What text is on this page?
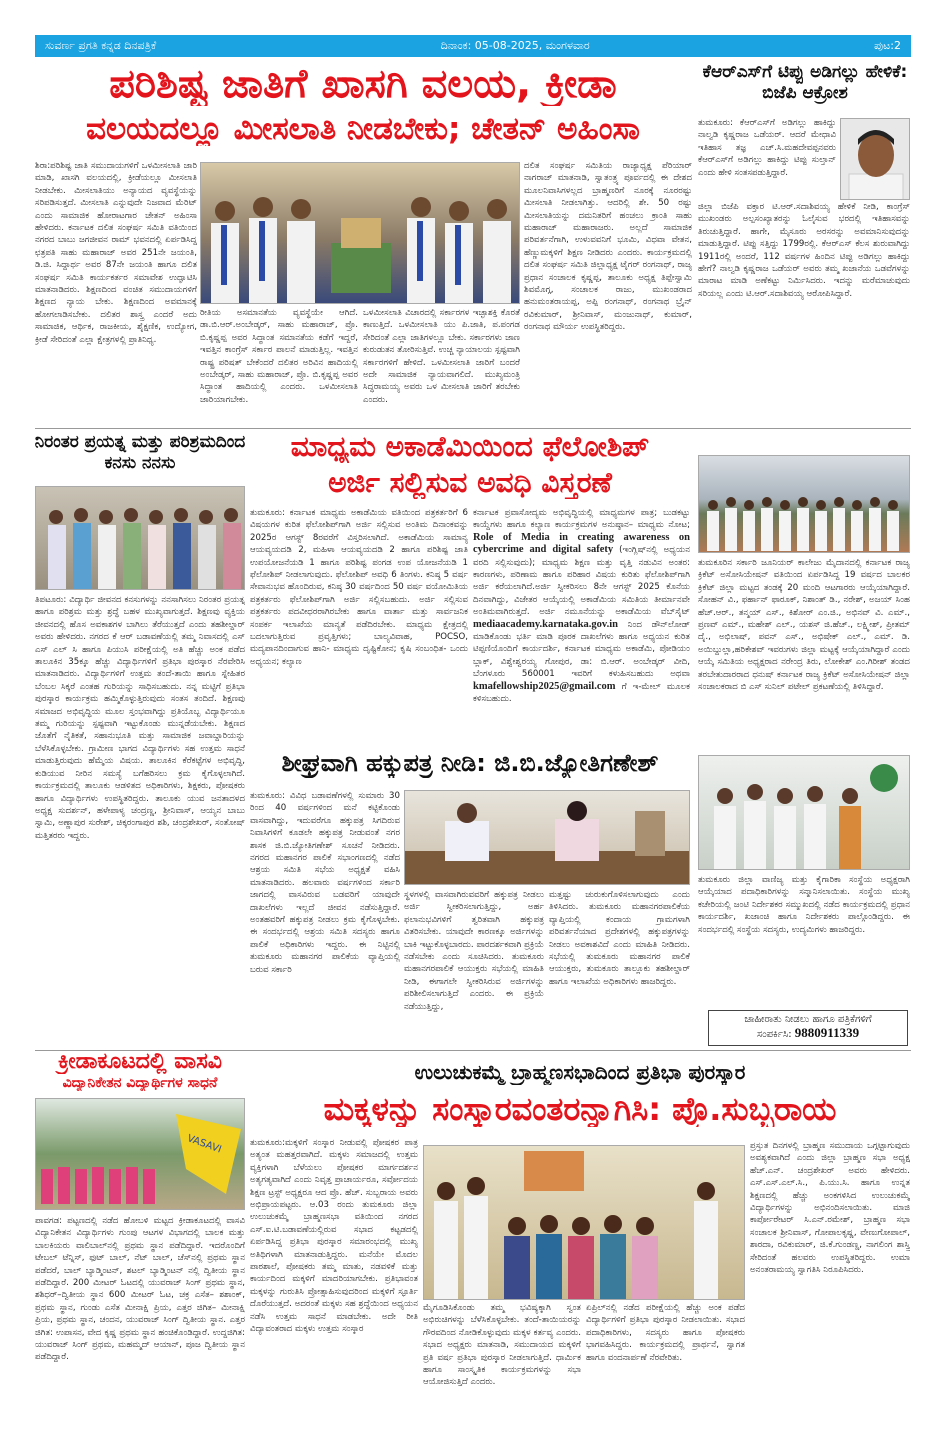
ಸುವರ್ಣ ಪ್ರಗತಿ ಕನ್ನಡ ದಿನಪತ್ರಿಕೆ	ದಿನಾಂಕ: 05-08-2025, ಮಂಗಳವಾರ	ಪುಟ:2
ಪರಿಶಿಷ್ಟ ಜಾತಿಗೆ ಖಾಸಗಿ ವಲಯ, ಕ್ರೀಡಾ
ವಲಯದಲ್ಲೂ ಮೀಸಲಾತಿ ನೀಡಬೇಕು; ಚೇತನ್ ಅಹಿಂಸಾ
ಶಿರಾ:ಪರಿಶಿಷ್ಟ ಜಾತಿ ಸಮುದಾಯಗಳಿಗೆ ಒಳಮೀಸಲಾತಿ ಜಾರಿ ಮಾಡಿ, ಖಾಸಗಿ ವಲಯದಲ್ಲಿ, ಕ್ರೀಡೆಯಲ್ಲೂ ಮೀಸಲಾತಿ ನೀಡಬೇಕು. ಮೀಸಲಾತಿಯು ಅನ್ಯಾಯದ ವ್ಯವಸ್ಥೆಯನ್ನು ಸರಿಪಡಿಸುತ್ತದೆ. ಮೀಸಲಾತಿ ಎನ್ನುವುದೇ ನಿಜವಾದ ಮೆರಿಟ್ ಎಂದು ಸಾಮಾಜಿಕ ಹೋರಾಟಗಾರ ಚೇತನ್ ಅಹಿಂಸಾ ಹೇಳಿದರು. ಕರ್ನಾಟಕ ದಲಿತ ಸಂಘರ್ಷ ಸಮಿತಿ ವತಿಯಿಂದ ನಗರದ ಬಾಬು ಜಗಜೀವನ ರಾಮ್ ಭವನದಲ್ಲಿ ಏರ್ಪಡಿಸಿದ್ದ ಛತ್ರಪತಿ ಸಾಹು ಮಹಾರಾಜ್ ಅವರ 251ನೇ ಜಯಂತಿ, ಡಿ.ಜಿ. ಸಿದ್ದಾರ್ಥ ಅವರ 87ನೇ ಜಯಂತಿ ಹಾಗೂ ದಲಿತ ಸಂಘರ್ಷ ಸಮಿತಿ ಕಾರ್ಯಕರ್ತರ ಸಮಾವೇಶ ಉದ್ಘಾಟಿಸಿ ಮಾತನಾಡಿದರು. ಶಿಕ್ಷಣದಿಂದ ವಂಚಿತ ಸಮುದಾಯಗಳಿಗೆ ಶಿಕ್ಷಣದ ನ್ಯಾಯ ಬೇಕು. ಶಿಕ್ಷಣದಿಂದ ಅವಮಾನಕ್ಕೆ ಹೋಗಲಾಡಿಸಬೇಕು. ದಲಿತರ ಶಾಸ್ತ್ರ ಎಂದರೆ ಅದು ಸಾಮಾಜಿಕ, ಆರ್ಥಿಕ, ರಾಜಕೀಯ, ಶೈಕ್ಷಣಿಕ, ಉದ್ಯೋಗ, ಕ್ರೀಡೆ ಸೇರಿದಂತೆ ಎಲ್ಲಾ ಕ್ಷೇತ್ರಗಳಲ್ಲಿ ಪ್ರಾತಿನಿಧ್ಯ.
ರೀತಿಯ ಅಸಮಾನತೆಯ ವ್ಯವಸ್ಥೆಯೇ ಆಗಿದೆ. ಡಾ.ಬಿ.ಆರ್.ಅಂಬೇಡ್ಕರ್, ಸಾಹು ಮಹಾರಾಜ್, ಪ್ರೊ. ಬಿ.ಕೃಷ್ಣಪ್ಪ ಅವರ ಸಿದ್ಧಾಂತ ಸಮಾನತೆಯ ಕಡೆಗೆ ಇದ್ದರೆ, ಇವತ್ತಿನ ಕಾಂಗ್ರೆಸ್ ಸರ್ಕಾರ ಪಾಲನೆ ಮಾಡುತ್ತಿಲ್ಲ. ಇವತ್ತಿನ ರಾಷ್ಟ್ರ ಪರಿಷತ್ ಬೇಕೆಂದರೆ ದಲಿತರ ಅರಿವಿನ ಹಾದಿಯಲ್ಲಿ ಅಂಬೇಡ್ಕರ್, ಸಾಹು ಮಹಾರಾಜ್, ಪ್ರೊ. ಬಿ.ಕೃಷ್ಣಪ್ಪ ಅವರ ಸಿದ್ಧಾಂತ ಹಾದಿಯಲ್ಲಿ ಎಂದರು. ಒಳಮೀಸಲಾತಿ ಜಾರಿಯಾಗಬೇಕು.
ಒಳಮೀಸಲಾತಿ ವಿಚಾರದಲ್ಲಿ ಸರ್ಕಾರಗಳ ಇಚ್ಛಾಶಕ್ತಿ ಕೊರತೆ ಕಾಣುತ್ತಿದೆ. ಒಳಮೀಸಲಾತಿ ಯು ಪಿ.ಜಾತಿ, ಪ.ಪಂಗಡ ಸೇರಿದಂತೆ ಎಲ್ಲಾ ಜಾತಿಗಳಲ್ಲೂ ಬೇಕು. ಸರ್ಕಾರಗಳು ಜಾಣ ಕುರುಡುತನ ತೋರಿಸುತ್ತಿವೆ. ಉಚ್ಚ ನ್ಯಾಯಾಲಯ ಸ್ಪಷ್ಟವಾಗಿ ಸರ್ಕಾರಗಳಿಗೆ ಹೇಳಿದೆ. ಒಳಮೀಸಲಾತಿ ಜಾರಿಗೆ ಬಂದರೆ ಅದೇ ಸಾಮಾಜಿಕ ನ್ಯಾಯವಾಗಲಿದೆ. ಮುಖ್ಯಮಂತ್ರಿ ಸಿದ್ಧರಾಮಯ್ಯ ಅವರು ಒಳ ಮೀಸಲಾತಿ ಜಾರಿಗೆ ತರಬೇಕು ಎಂದರು.
ದಲಿತ ಸಂಘರ್ಷ ಸಮಿತಿಯ ರಾಜ್ಯಾಧ್ಯಕ್ಷ ಪೆರಿಯಾರ್ ನಾಗರಾಜ್ ಮಾತನಾಡಿ, ಸ್ವಾತಂತ್ರ್ಯ ಪೂರ್ವದಲ್ಲಿ ಈ ದೇಶದ ಮೂಲನಿವಾಸಿಗಳಲ್ಲದ ಬ್ರಾಹ್ಮಣರಿಗೆ ನೂರಕ್ಕೆ ನೂರರಷ್ಟು ಮೀಸಲಾತಿ ನೀಡಲಾಗಿತ್ತು. ಆದರಿಲ್ಲಿ ಶೇ. 50 ರಷ್ಟು ಮೀಸಲಾತಿಯನ್ನು ದಮನಿತರಿಗೆ ಹಂಚಲು ಕ್ರಾಂತಿ ಸಾಹು ಮಹಾರಾಜ್ ಮಹಾರಾಜರು. ಅಲ್ಲದೆ ಸಾಮಾಜಿಕ ಪರಿವರ್ತನೆಗಾಗಿ, ಉಳುವವನಿಗೆ ಭೂಮಿ, ವಿಧವಾ ವೇತನ, ಹೆಣ್ಣುಮಕ್ಕಳಿಗೆ ಶಿಕ್ಷಣ ನೀಡಿದರು ಎಂದರು. ಕಾರ್ಯಕ್ರಮದಲ್ಲಿ ದಲಿತ ಸಂಘರ್ಷ ಸಮಿತಿ ಜಿಲ್ಲಾಧ್ಯಕ್ಷ ಟೈಗರ್ ರಂಗನಾಥ್, ರಾಜ್ಯ ಪ್ರಧಾನ ಸಂಚಾಲಕ ಕೃಷ್ಣಪ್ಪ, ತಾಲೂಕು ಅಧ್ಯಕ್ಷ ತಿಪ್ಪೇಸ್ವಾಮಿ ಶಿವಮೊಗ್ಗ, ಸಂಚಾಲಕ ರಾಜು, ಮುಖಂಡರಾದ ಹನುಮಂತರಾಯಪ್ಪ, ಅಪ್ಪಿ ರಂಗನಾಥ್, ರಂಗನಾಥ ಬ್ರೈನ್ ರವಿಕುಮಾರ್, ಶ್ರೀನಿವಾಸ್, ಮಂಜುನಾಥ್, ಕುಮಾರ್, ರಂಗನಾಥ ಮೌರ್ಯ ಉಪಸ್ಥಿತರಿದ್ದರು.
ಕೆಆರ್‌ಎಸ್‌ಗೆ ಟಿಪ್ಪು ಅಡಿಗಲ್ಲು ಹೇಳಿಕೆ: ಬಿಜೆಪಿ ಆಕ್ರೋಶ
ತುಮಕೂರು: ಕೆಆರ್‌ಎಸ್‌ಗೆ ಅಡಿಗಲ್ಲು ಹಾಕಿದ್ದು ನಾಲ್ವಡಿ ಕೃಷ್ಣರಾಜ ಒಡೆಯರ್. ಆದರೆ ಮೇಧಾವಿ ಇತಿಹಾಸ ತಜ್ಞ ಎಚ್.ಸಿ.ಮಹದೇವಪ್ಪನವರು ಕೆಆರ್‌ಎಸ್‌ಗೆ ಅಡಿಗಲ್ಲು ಹಾಕಿದ್ದು ಟಿಪ್ಪು ಸುಲ್ತಾನ್ ಎಂದು ಹೇಳಿ ಸಂತಸಪಡುತ್ತಿದ್ದಾರೆ.
ಜಿಲ್ಲಾ ಬಿಜೆಪಿ ವಕ್ತಾರ ಟಿ.ಆರ್.ಸದಾಶಿವಯ್ಯ ಹೇಳಿಕೆ ನೀಡಿ, ಕಾಂಗ್ರೆಸ್ ಮುಖಂಡರು ಅಲ್ಪಸಂಖ್ಯಾತರನ್ನು ಓಲೈಸುವ ಭರದಲ್ಲಿ ಇತಿಹಾಸವನ್ನು ತಿರುಚುತ್ತಿದ್ದಾರೆ. ಹಾಗೇ, ಮೈಸೂರು ಅರಸರನ್ನು ಅವಮಾನಿಸುವುದನ್ನು ಮಾಡುತ್ತಿದ್ದಾರೆ. ಟಿಪ್ಪು ಸತ್ತಿದ್ದು 1799ರಲ್ಲಿ. ಕೆಆರ್‌ಎಸ್ ಕೆಲಸ ಶುರುವಾಗಿದ್ದು 1911ರಲ್ಲಿ ಅಂದರೆ, 112 ವರ್ಷಗಳ ಹಿಂದಿನ ಟಿಪ್ಪು ಅಡಿಗಲ್ಲು ಹಾಕಿದ್ದು ಹೇಗೆ? ನಾಲ್ವಡಿ ಕೃಷ್ಣರಾಜ ಒಡೆಯರ್ ಅವರು ತಮ್ಮ ಖಜಾನೆಯ ಒಡವೆಗಳನ್ನು ಮಾರಾಟ ಮಾಡಿ ಅಣೆಕಟ್ಟು ನಿರ್ಮಿಸಿದರು. ಇದನ್ನು ಮರೆಮಾಚುವುದು ಸರಿಯಲ್ಲ ಎಂದು ಟಿ.ಆರ್.ಸದಾಶಿವಯ್ಯ ಆರೋಪಿಸಿದ್ದಾರೆ.
ನಿರಂತರ ಪ್ರಯತ್ನ ಮತ್ತು ಪರಿಶ್ರಮದಿಂದ ಕನಸು ನನಸು
ತಿಪಟೂರು: ವಿದ್ಯಾರ್ಥಿ ಜೀವನದ ಕನಸುಗಳನ್ನು ನನಸಾಗಿಸಲು ನಿರಂತರ ಪ್ರಯತ್ನ ಹಾಗೂ ಪರಿಶ್ರಮ ಮತ್ತು ಶ್ರದ್ಧೆ ಬಹಳ ಮುಖ್ಯವಾಗುತ್ತದೆ. ಶಿಕ್ಷಣವು ವ್ಯಕ್ತಿಯ ಜೀವನದಲ್ಲಿ ಹೊಸ ಅವಕಾಶಗಳ ಬಾಗಿಲು ತೆರೆಯುತ್ತದೆ ಎಂದು ತಹಶೀಲ್ದಾರ್ ಅವರು ಹೇಳಿದರು. ನಗರದ ಕೆ ಆರ್ ಬಡಾವಣೆಯಲ್ಲಿ ತಮ್ಮ ನಿವಾಸದಲ್ಲಿ ಎಸ್ ಎಸ್ ಎಲ್ ಸಿ ಹಾಗೂ ಪಿಯುಸಿ ಪರೀಕ್ಷೆಯಲ್ಲಿ ಅತಿ ಹೆಚ್ಚು ಅಂಕ ಪಡೆದ ತಾಲೂಕಿನ 35ಕ್ಕೂ ಹೆಚ್ಚು ವಿದ್ಯಾರ್ಥಿಗಳಿಗೆ ಪ್ರತಿಭಾ ಪುರಸ್ಕಾರ ನೆರವೇರಿಸಿ ಮಾತನಾಡಿದರು. ವಿದ್ಯಾರ್ಥಿಗಳಿಗೆ ಉತ್ತಮ ತಂದೆ-ತಾಯಿ ಹಾಗೂ ಸ್ನೇಹಿತರ ಬೆಂಬಲ ಸಿಕ್ಕರೆ ಎಂತಹ ಗುರಿಯನ್ನು ಸಾಧಿಸಬಹುದು. ನನ್ನ ಮಟ್ಟಿಗೆ ಪ್ರತಿಭಾ ಪುರಸ್ಕಾರ ಕಾರ್ಯಕ್ರಮ ಹಮ್ಮಿಕೊಳ್ಳುತ್ತಿರುವುದು ಸಂತಸ ತಂದಿದೆ. ಶಿಕ್ಷಣವು ಸಮಾಜದ ಅಭಿವೃದ್ಧಿಯ ಮೂಲ ಸ್ತಂಭವಾಗಿದ್ದು ಪ್ರತಿಯೊಬ್ಬ ವಿದ್ಯಾರ್ಥಿಯೂ ತಮ್ಮ ಗುರಿಯನ್ನು ಸ್ಪಷ್ಟವಾಗಿ ಇಟ್ಟುಕೊಂಡು ಮುನ್ನಡೆಯಬೇಕು. ಶಿಕ್ಷಣದ ಜೊತೆಗೆ ನೈತಿಕತೆ, ಸಹಾನುಭೂತಿ ಮತ್ತು ಸಾಮಾಜಿಕ ಜವಾಬ್ದಾರಿಯನ್ನು ಬೆಳೆಸಿಕೊಳ್ಳಬೇಕು. ಗ್ರಾಮೀಣ ಭಾಗದ ವಿದ್ಯಾರ್ಥಿಗಳು ಸಹ ಉತ್ತಮ ಸಾಧನೆ ಮಾಡುತ್ತಿರುವುದು ಹೆಮ್ಮೆಯ ವಿಷಯ. ತಾಲೂಕಿನ ಕೆರೆಕಟ್ಟೆಗಳ ಅಭಿವೃದ್ಧಿ, ಕುಡಿಯುವ ನೀರಿನ ಸಮಸ್ಯೆ ಬಗೆಹರಿಸಲು ಕ್ರಮ ಕೈಗೊಳ್ಳಲಾಗಿದೆ. ಕಾರ್ಯಕ್ರಮದಲ್ಲಿ ತಾಲೂಕು ಆಡಳಿತದ ಅಧಿಕಾರಿಗಳು, ಶಿಕ್ಷಕರು, ಪೋಷಕರು ಹಾಗೂ ವಿದ್ಯಾರ್ಥಿಗಳು ಉಪಸ್ಥಿತರಿದ್ದರು. ತಾಲೂಕು ಯುವ ಜನತಾದಳದ ಅಧ್ಯಕ್ಷ ಸುದರ್ಶನ್, ಹಳೇಪಾಳ್ಯ ಚಂದ್ರಣ್ಣ, ಶ್ರೀನಿವಾಸ್, ಆಯ್ಯನ ಬಾಬು ಸ್ವಾಮಿ, ಅಣ್ಣಾಪುರ ಸುರೇಶ್, ಚಿಕ್ಕರಂಗಾಪುರ ಶಶಿ, ಚಂದ್ರಶೇಖರ್, ಸಂತೋಷ್ ಮತ್ತಿತರರು ಇದ್ದರು.
ಮಾಧ್ಯಮ ಅಕಾಡೆಮಿಯಿಂದ ಫೆಲೋಶಿಪ್
ಅರ್ಜಿ ಸಲ್ಲಿಸುವ ಅವಧಿ ವಿಸ್ತರಣೆ
ತುಮಕೂರು: ಕರ್ನಾಟಕ ಮಾಧ್ಯಮ ಅಕಾಡೆಮಿಯ ವತಿಯಿಂದ ಪತ್ರಕರ್ತರಿಗೆ 6 ವಿಷಯಗಳ ಕುರಿತ ಫೆಲೋಶಿಪ್‌ಗಾಗಿ ಅರ್ಜಿ ಸಲ್ಲಿಸುವ ಅಂತಿಮ ದಿನಾಂಕವನ್ನು 2025ರ ಆಗಸ್ಟ್ 8ರವರೆಗೆ ವಿಸ್ತರಿಸಲಾಗಿದೆ. ಅಕಾಡೆಮಿಯ ಸಾಮಾನ್ಯ ಆಯವ್ಯಯದಡಿ 2, ಮಹಿಳಾ ಆಯವ್ಯಯದಡಿ 2 ಹಾಗೂ ಪರಿಶಿಷ್ಟ ಜಾತಿ ಉಪಯೋಜನೆಯಡಿ 1 ಹಾಗೂ ಪರಿಶಿಷ್ಟ ಪಂಗಡ ಉಪ ಯೋಜನೆಯಡಿ 1 ಫೆಲೋಶಿಪ್ ನೀಡಲಾಗುವುದು. ಫೆಲೋಶಿಪ್ ಅವಧಿ 6 ತಿಂಗಳು. ಕನಿಷ್ಠ 5 ವರ್ಷ ಸೇವಾನುಭವ ಹೊಂದಿರುವ, ಕನಿಷ್ಠ 30 ವರ್ಷದಿಂದ 50 ವರ್ಷ ವಯೋಮಿತಿಯ ಪತ್ರಕರ್ತರು ಫೆಲೋಶಿಪ್‌ಗಾಗಿ ಅರ್ಜಿ ಸಲ್ಲಿಸಬಹುದು. ಅರ್ಜಿ ಸಲ್ಲಿಸುವ ಪತ್ರಕರ್ತರು ಪದವೀಧರರಾಗಿರಬೇಕು ಹಾಗೂ ವಾರ್ತಾ ಮತ್ತು ಸಾರ್ವಜನಿಕ ಸಂಪರ್ಕ ಇಲಾಖೆಯ ಮಾನ್ಯತೆ ಪಡೆದಿರಬೇಕು. ಮಾಧ್ಯಮ ಕ್ಷೇತ್ರದಲ್ಲಿ ಬದಲಾಗುತ್ತಿರುವ ಪ್ರವೃತ್ತಿಗಳು; ಬಾಲ್ಯವಿವಾಹ, POCSO, ಮದ್ಯಪಾನದಿಂದಾಗುವ ಹಾನಿ- ಮಾಧ್ಯಮ ದೃಷ್ಟಿಕೋನ; ಕೃಷಿ ಸಂಬಂಧಿತ- ಒಂದು ಅಧ್ಯಯನ; ಕಲ್ಯಾಣ
ಕರ್ನಾಟಕ ಪ್ರವಾಸೋದ್ಯಮ ಅಭಿವೃದ್ಧಿಯಲ್ಲಿ ಮಾಧ್ಯಮಗಳ ಪಾತ್ರ; ಬುಡಕಟ್ಟು ಕಾಯ್ದೆಗಳು ಹಾಗೂ ಕಲ್ಯಾಣ ಕಾರ್ಯಕ್ರಮಗಳ ಅನುಷ್ಠಾನ– ಮಾಧ್ಯಮ ನೋಟ; Role of Media in creating awareness on cybercrime and digital safety (ಇಂಗ್ಲಿಷ್‌ನಲ್ಲಿ ಅಧ್ಯಯನ ವರದಿ ಸಲ್ಲಿಸುವುದು); ಮಾಧ್ಯಮ ಶಿಕ್ಷಣ ಮತ್ತು ವೃತ್ತಿ ನಡುವಿನ ಅಂತರ: ಕಾರಣಗಳು, ಪರಿಣಾಮ ಹಾಗೂ ಪರಿಹಾರ ವಿಷಯ ಕುರಿತು ಫೆಲೋಶಿಪ್‌ಗಾಗಿ ಅರ್ಜಿ ಕರೆಯಲಾಗಿದೆ.ಅರ್ಜಿ ಸ್ವೀಕರಿಸಲು 8ನೇ ಆಗಸ್ಟ್ 2025 ಕೊನೆಯ ದಿನವಾಗಿದ್ದು, ವಿಜೇತರ ಆಯ್ಕೆಯಲ್ಲಿ ಅಕಾಡೆಮಿಯ ಸಮಿತಿಯ ತೀರ್ಮಾನವೇ ಅಂತಿಮವಾಗಿರುತ್ತದೆ. ಅರ್ಜಿ ನಮೂನೆಯನ್ನು ಅಕಾಡೆಮಿಯ ವೆಬ್‌ಸೈಟ್ mediaacademy.karnataka.gov.in ನಿಂದ ಡೌನ್‌ಲೋಡ್ ಮಾಡಿಕೊಂಡು ಭರ್ತಿ ಮಾಡಿ ಪೂರಕ ದಾಖಲೆಗಳು ಹಾಗೂ ಅಧ್ಯಯನ ಕುರಿತ ಟಿಪ್ಪಣಿಯೊಂದಿಗೆ ಕಾರ್ಯದರ್ಶಿ, ಕರ್ನಾಟಕ ಮಾಧ್ಯಮ ಅಕಾಡೆಮಿ, ಪೋಡಿಯಂ ಬ್ಲಾಕ್, ವಿಶ್ವೇಶ್ವರಯ್ಯ ಗೋಪುರ, ಡಾ: ಬಿ.ಆರ್. ಅಂಬೇಡ್ಕರ್ ವೀದಿ, ಬೆಂಗಳೂರು 560001 ಇವರಿಗೆ ಕಳುಹಿಸಬಹುದು ಅಥವಾ kmafellowship2025@gmail.com ಗೆ ಇ-ಮೇಲ್ ಮೂಲಕ ಕಳಿಸಬಹುದು.
ತುಮಕೂರಿನ ಸರ್ಕಾರಿ ಜೂನಿಯರ್ ಕಾಲೇಜು ಮೈದಾನದಲ್ಲಿ ಕರ್ನಾಟಕ ರಾಜ್ಯ ಕ್ರಿಕೆಟ್ ಅಸೋಸಿಯೇಷನ್ ವತಿಯಿಂದ ಏರ್ಪಡಿಸಿದ್ದ 19 ವರ್ಷದ ಬಾಲಕರ ಕ್ರಿಕೆಟ್ ಜಿಲ್ಲಾ ಮಟ್ಟದ ತಂಡಕ್ಕೆ 20 ಮಂದಿ ಆಟಗಾರರು ಆಯ್ಕೆಯಾಗಿದ್ದಾರೆ. ಸೋಹನ್ ವಿ., ಫರ್ಹಾನ್ ಫಾರೂಕ್, ನಿಶಾಂತ್ ಡಿ., ನರೇಶ್, ಅಜಯ್ ಸಿಂಹ ಹೆಚ್.ಆರ್., ತನ್ಮಯ್ ಎಸ್., ಕಿಶೋರ್ ಎಂ.ಜಿ., ಅಭಿನವ್ ವಿ. ಎಮ್., ಪ್ರಣವ್ ಎಮ್., ಮಹೇಶ್ ಎಲ್., ಯಶಸ್ ಜಿ.ಹೆಚ್., ಲಕ್ಷ್ಮೀಶ್, ಪ್ರೀತಮ್ ದೈ., ಅಭಿಲಾಷ್, ಪವನ್ ಎಸ್., ಅಭಿಷೇಕ್ ಎಲ್., ಎಮ್. ಡಿ. ಅಯಿಬ್ದುಲ್ಲಾ,ಹರಿಕೇಶವ್ ಇವರುಗಳು ಜಿಲ್ಲಾ ಮಟ್ಟಕ್ಕೆ ಆಯ್ಕೆಯಾಗಿದ್ದಾರೆ ಎಂದು ಆಯ್ಕೆ ಸಮಿತಿಯ ಅಧ್ಯಕ್ಷರಾದ ನರೇಂದ್ರ ತಿರು, ಲೋಕೇಶ್ ಎಂ.ಗಿರೀಶ್ ತಂಡದ ತರಬೇತುದಾರರಾದ ಧನುಷ್ ಕರ್ನಾಟಕ ರಾಜ್ಯ ಕ್ರಿಕೆಟ್ ಅಸೋಸಿಯೇಷನ್ ಜಿಲ್ಲಾ ಸಂಚಾಲಕರಾದ ಬಿ ಎಸ್ ಸುನಿಲ್ ಪಟೇಲ್ ಪ್ರಕಟಣೆಯಲ್ಲಿ ತಿಳಿಸಿದ್ದಾರೆ.
ಶೀಘ್ರವಾಗಿ ಹಕ್ಕುಪತ್ರ ನೀಡಿ: ಜಿ.ಬಿ.ಜ್ಯೋತಿಗಣೇಶ್
ತುಮಕೂರು: ವಿವಿಧ ಬಡಾವಣೆಗಳಲ್ಲಿ ಸುಮಾರು 30 ರಿಂದ 40 ವರ್ಷಗಳಿಂದ ಮನೆ ಕಟ್ಟಿಕೊಂಡು ವಾಸವಾಗಿದ್ದು, ಇದುವರೆಗೂ ಹಕ್ಕುಪತ್ರ ಸಿಗದಿರುವ ನಿವಾಸಿಗಳಿಗೆ ಕೂಡಲೇ ಹಕ್ಕುಪತ್ರ ನೀಡುವಂತೆ ನಗರ ಶಾಸಕ ಜಿ.ಬಿ.ಜ್ಯೋತಿಗಣೇಶ್ ಸೂಚನೆ ನೀಡಿದರು. ನಗರದ ಮಹಾನಗರ ಪಾಲಿಕೆ ಸಭಾಂಗಣದಲ್ಲಿ ನಡೆದ ಆಶ್ರಯ ಸಮಿತಿ ಸಭೆಯ ಅಧ್ಯಕ್ಷತೆ ವಹಿಸಿ ಮಾತನಾಡಿದರು. ಹಲವಾರು ವರ್ಷಗಳಿಂದ ಸರ್ಕಾರಿ ಜಾಗದಲ್ಲಿ ವಾಸವಿರುವ ಬಡವರಿಗೆ ಯಾವುದೇ ದಾಖಲೆಗಳು ಇಲ್ಲದೆ ಜೀವನ ನಡೆಸುತ್ತಿದ್ದಾರೆ. ಅಂತಹವರಿಗೆ ಹಕ್ಕುಪತ್ರ ನೀಡಲು ಕ್ರಮ ಕೈಗೊಳ್ಳಬೇಕು. ಈ ಸಂದರ್ಭದಲ್ಲಿ ಆಶ್ರಯ ಸಮಿತಿ ಸದಸ್ಯರು ಹಾಗೂ ಪಾಲಿಕೆ ಅಧಿಕಾರಿಗಳು ಇದ್ದರು. ಈ ನಿಟ್ಟಿನಲ್ಲಿ ತುಮಕೂರು ಮಹಾನಗರ ಪಾಲಿಕೆಯ ವ್ಯಾಪ್ತಿಯಲ್ಲಿ ಬರುವ ಸರ್ಕಾರಿ
ಸ್ಥಳಗಳಲ್ಲಿ ವಾಸವಾಗಿರುವವರಿಗೆ ಹಕ್ಕುಪತ್ರ ನೀಡಲು ಅರ್ಜಿ ಸ್ವೀಕರಿಸಲಾಗುತ್ತಿದ್ದು, ಅರ್ಹ ಫಲಾನುಭವಿಗಳಿಗೆ ತ್ವರಿತವಾಗಿ ಹಕ್ಕುಪತ್ರ ವಿತರಿಸಬೇಕು. ಯಾವುದೇ ಕಾರಣಕ್ಕೂ ಅರ್ಜಿಗಳನ್ನು ಬಾಕಿ ಇಟ್ಟುಕೊಳ್ಳಬಾರದು. ಪಾರದರ್ಶಕವಾಗಿ ಪ್ರಕ್ರಿಯೆ ನಡೆಸಬೇಕು ಎಂದು ಸೂಚಿಸಿದರು. ತುಮಕೂರು ಮಹಾನಗರಪಾಲಿಕೆ ಆಯುಕ್ತರು ಸಭೆಯಲ್ಲಿ ಮಾಹಿತಿ ನೀಡಿ, ಈಗಾಗಲೇ ಸ್ವೀಕರಿಸಿರುವ ಅರ್ಜಿಗಳನ್ನು ಪರಿಶೀಲಿಸಲಾಗುತ್ತಿದೆ ಎಂದರು. ಈ ಪ್ರಕ್ರಿಯೆ ನಡೆಯುತ್ತಿದ್ದು,
ಮತ್ತಷ್ಟು ಚುರುಕುಗೊಳಿಸಲಾಗುವುದು ಎಂದು ತಿಳಿಸಿದರು. ತುಮಕೂರು ಮಹಾನಗರಪಾಲಿಕೆಯ ವ್ಯಾಪ್ತಿಯಲ್ಲಿ ಕಂದಾಯ ಗ್ರಾಮಗಳಾಗಿ ಪರಿವರ್ತನೆಯಾದ ಪ್ರದೇಶಗಳಲ್ಲಿ ಹಕ್ಕುಪತ್ರಗಳನ್ನು ನೀಡಲು ಅವಕಾಶವಿದೆ ಎಂದು ಮಾಹಿತಿ ನೀಡಿದರು. ಸಭೆಯಲ್ಲಿ ತುಮಕೂರು ಮಹಾನಗರ ಪಾಲಿಕೆ ಆಯುಕ್ತರು, ತುಮಕೂರು ತಾಲ್ಲೂಕು ತಹಶೀಲ್ದಾರ್ ಹಾಗೂ ಇಲಾಖೆಯ ಅಧಿಕಾರಿಗಳು ಹಾಜರಿದ್ದರು.
ತುಮಕೂರು ಜಿಲ್ಲಾ ವಾಣಿಜ್ಯ ಮತ್ತು ಕೈಗಾರಿಕಾ ಸಂಸ್ಥೆಯ ಅಧ್ಯಕ್ಷರಾಗಿ ಆಯ್ಕೆಯಾದ ಪದಾಧಿಕಾರಿಗಳನ್ನು ಸನ್ಮಾನಿಸಲಾಯಿತು. ಸಂಸ್ಥೆಯ ಮುಖ್ಯ ಕಚೇರಿಯಲ್ಲಿ ಜಂಟಿ ನಿರ್ದೇಶಕರ ಸಮ್ಮುಖದಲ್ಲಿ ನಡೆದ ಕಾರ್ಯಕ್ರಮದಲ್ಲಿ ಪ್ರಧಾನ ಕಾರ್ಯದರ್ಶಿ, ಖಜಾಂಚಿ ಹಾಗೂ ನಿರ್ದೇಶಕರು ಪಾಲ್ಗೊಂಡಿದ್ದರು. ಈ ಸಂದರ್ಭದಲ್ಲಿ ಸಂಸ್ಥೆಯ ಸದಸ್ಯರು, ಉದ್ಯಮಿಗಳು ಹಾಜರಿದ್ದರು.
ಜಾಹೀರಾತು ನೀಡಲು ಹಾಗೂ ಪತ್ರಿಕೆಗಳಿಗೆ
ಸಂಪರ್ಕಿಸಿ: 9880911339
ಕ್ರೀಡಾಕೂಟದಲ್ಲಿ ವಾಸವಿ
ವಿದ್ಯಾನಿಕೇತನ ವಿದ್ಯಾರ್ಥಿಗಳ ಸಾಧನೆ
VASAVI
ಪಾವಗಡ: ಪಟ್ಟಣದಲ್ಲಿ ನಡೆದ ಹೋಬಳಿ ಮಟ್ಟದ ಕ್ರೀಡಾಕೂಟದಲ್ಲಿ ವಾಸವಿ ವಿದ್ಯಾನಿಕೇತನ ವಿದ್ಯಾರ್ಥಿಗಳು ಗುಂಪು ಆಟಗಳ ವಿಭಾಗದಲ್ಲಿ ಬಾಲಕ ಮತ್ತು ಬಾಲಕಿಯರು ವಾಲಿಬಾಲ್‌ನಲ್ಲಿ ಪ್ರಥಮ ಸ್ಥಾನ ಪಡೆದಿದ್ದಾರೆ. ಇದರೊಂದಿಗೆ ಟೇಬಲ್ ಟೆನ್ನಿಸ್, ಫುಟ್ ಬಾಲ್, ನೆಟ್ ಬಾಲ್, ಚೆಸ್‌ನಲ್ಲಿ ಪ್ರಥಮ ಸ್ಥಾನ ಪಡೆದರೆ, ಬಾಲ್ ಬ್ಯಾಡ್ಮಿಂಟನ್, ಶಟಲ್ ಬ್ಯಾಡ್ಮಿಂಟನ್ ನಲ್ಲಿ ದ್ವಿತೀಯ ಸ್ಥಾನ ಪಡೆದಿದ್ದಾರೆ. 200 ಮೀಟರ್ ಓಟದಲ್ಲಿ ಯುವರಾಜ್ ಸಿಂಗ್ ಪ್ರಥಮ ಸ್ಥಾನ, ಶಶಿಧರ್–ದ್ವಿತೀಯ ಸ್ಥಾನ 600 ಮೀಟರ್ ಓಟ, ಚಕ್ರ ಎಸೆತ– ಶಶಾಂಕ್, ಪ್ರಥಮ ಸ್ಥಾನ, ಗುಂಡು ಎಸೆತ ಮೀನಾಕ್ಷಿ ಪ್ರಿಯ, ಎತ್ತರ ಜಿಗಿತ– ಮೀನಾಕ್ಷಿ ಪ್ರಿಯ, ಪ್ರಥಮ ಸ್ಥಾನ, ಚಂದನ, ಯುವರಾಜ್ ಸಿಂಗ್ ದ್ವಿತೀಯ ಸ್ಥಾನ. ಎತ್ತರ ಜಿಗಿತ: ಉಪಾಸನ, ವೇದ ಕೃಷ್ಣ ಪ್ರಥಮ ಸ್ಥಾನ ಹಂಚಿಕೊಂಡಿದ್ದಾರೆ. ಉದ್ದಜಿಗಿತ: ಯುವರಾಜ್ ಸಿಂಗ್ ಪ್ರಥಮ, ಮಹಮ್ಮದ್ ಆಯಾನ್, ಪೂಜ ದ್ವಿತೀಯ ಸ್ಥಾನ ಪಡೆದಿದ್ದಾರೆ.
ಉಲುಚುಕಮ್ಮೆ ಬ್ರಾಹ್ಮಣಸಭಾದಿಂದ ಪ್ರತಿಭಾ ಪುರಸ್ಕಾರ
ಮಕ್ಕಳನ್ನು ಸಂಸ್ಕಾರವಂತರನ್ನಾಗಿಸಿ: ಪ್ರೊ.ಸುಬ್ಬರಾಯ
ತುಮಕೂರು:ಮಕ್ಕಳಿಗೆ ಸಂಸ್ಕಾರ ನೀಡುವಲ್ಲಿ ಪೋಷಕರ ಪಾತ್ರ ಅತ್ಯಂತ ಮಹತ್ತರವಾಗಿದೆ. ಮಕ್ಕಳು ಸಮಾಜದಲ್ಲಿ ಉತ್ತಮ ವ್ಯಕ್ತಿಗಳಾಗಿ ಬೆಳೆಯಲು ಪೋಷಕರ ಮಾರ್ಗದರ್ಶನ ಅತ್ಯಗತ್ಯವಾಗಿದೆ ಎಂದು ನಿವೃತ್ತ ಪ್ರಾಚಾರ್ಯರೂ, ಸರ್ವೋದಯ ಶಿಕ್ಷಣ ಟ್ರಸ್ಟ್ ಅಧ್ಯಕ್ಷರೂ ಆದ ಪ್ರೊ. ಹೆಚ್. ಸುಬ್ಬರಾಯ ಅವರು ಅಭಿಪ್ರಾಯಪಟ್ಟರು. ಆ.03 ರಂದು ತುಮಕೂರು ಜಿಲ್ಲಾ ಉಲುಚುಕಮ್ಮೆ ಬ್ರಾಹ್ಮಣಸಭಾ ವತಿಯಿಂದ ನಗರದ ಎಸ್.ಐ.ಟಿ.ಬಡಾವಣೆಯಲ್ಲಿರುವ ಸಭಾದ ಕಟ್ಟಡದಲ್ಲಿ ಏರ್ಪಡಿಸಿದ್ದ ಪ್ರತಿಭಾ ಪುರಸ್ಕಾರ ಸಮಾರಂಭದಲ್ಲಿ ಮುಖ್ಯ ಅತಿಥಿಗಳಾಗಿ ಮಾತನಾಡುತ್ತಿದ್ದರು. ಮನೆಯೇ ಮೊದಲ ಪಾಠಶಾಲೆ, ಪೋಷಕರು ತಮ್ಮ ಮಾತು, ನಡವಳಿಕೆ ಮತ್ತು ಕಾರ್ಯದಿಂದ ಮಕ್ಕಳಿಗೆ ಮಾದರಿಯಾಗಬೇಕು. ಪ್ರತಿಭಾವಂತ ಮಕ್ಕಳನ್ನು ಗುರುತಿಸಿ ಪ್ರೋತ್ಸಾಹಿಸುವುದರಿಂದ ಮಕ್ಕಳಿಗೆ ಸ್ಫೂರ್ತಿ ದೊರೆಯುತ್ತದೆ. ಅದರಂತೆ ಮಕ್ಕಳು ಸಹ ಶ್ರದ್ಧೆಯಿಂದ ಅಧ್ಯಯನ ನಡೆಸಿ ಉತ್ತಮ ಸಾಧನೆ ಮಾಡಬೇಕು. ಅದೇ ರೀತಿ ವಿದ್ಯಾವಂತರಾದ ಮಕ್ಕಳು ಉತ್ತಮ ಸಂಸ್ಕಾರ
ಮೈಗೂಡಿಸಿಕೊಂಡು ತಮ್ಮ ಭವಿಷ್ಯಕ್ಕಾಗಿ ಸ್ವಂತ ಅಭಿರುಚಿಗಳನ್ನು ಬೆಳೆಸಿಕೊಳ್ಳಬೇಕು. ತಂದೆ-ತಾಯಿಯರನ್ನು ಗೌರವದಿಂದ ನೋಡಿಕೊಳ್ಳುವುದು ಮಕ್ಕಳ ಕರ್ತವ್ಯ ಎಂದರು. ಸಭಾದ ಅಧ್ಯಕ್ಷರು ಮಾತನಾಡಿ, ಸಮುದಾಯದ ಮಕ್ಕಳಿಗೆ ಪ್ರತಿ ವರ್ಷ ಪ್ರತಿಭಾ ಪುರಸ್ಕಾರ ನೀಡಲಾಗುತ್ತಿದೆ. ಧಾರ್ಮಿಕ ಹಾಗೂ ಸಾಂಸ್ಕೃತಿಕ ಕಾರ್ಯಕ್ರಮಗಳನ್ನು ಸಭಾ ಆಯೋಜಿಸುತ್ತಿದೆ ಎಂದರು.
ಏಪ್ರಿಲ್‌ನಲ್ಲಿ ನಡೆದ ಪರೀಕ್ಷೆಯಲ್ಲಿ ಹೆಚ್ಚು ಅಂಕ ಪಡೆದ ವಿದ್ಯಾರ್ಥಿಗಳಿಗೆ ಪ್ರತಿಭಾ ಪುರಸ್ಕಾರ ನೀಡಲಾಯಿತು. ಸಭಾದ ಪದಾಧಿಕಾರಿಗಳು, ಸದಸ್ಯರು ಹಾಗೂ ಪೋಷಕರು ಭಾಗವಹಿಸಿದ್ದರು. ಕಾರ್ಯಕ್ರಮದಲ್ಲಿ ಪ್ರಾರ್ಥನೆ, ಸ್ವಾಗತ ಹಾಗೂ ವಂದನಾರ್ಪಣೆ ನೆರವೇರಿತು.
ಪ್ರಸ್ತುತ ದಿನಗಳಲ್ಲಿ ಬ್ರಾಹ್ಮಣ ಸಮುದಾಯ ಒಗ್ಗಟ್ಟಾಗುವುದು ಅವಶ್ಯಕವಾಗಿದೆ ಎಂದು ಜಿಲ್ಲಾ ಬ್ರಾಹ್ಮಣ ಸಭಾ ಅಧ್ಯಕ್ಷ ಹೆಚ್.ಎನ್. ಚಂದ್ರಶೇಖರ್ ಅವರು ಹೇಳಿದರು. ಎಸ್.ಎಸ್.ಎಲ್.ಸಿ., ಪಿ.ಯು.ಸಿ. ಹಾಗೂ ಉನ್ನತ ಶಿಕ್ಷಣದಲ್ಲಿ ಹೆಚ್ಚು ಅಂಕಗಳಿಸಿದ ಉಲುಚುಕಮ್ಮೆ ವಿದ್ಯಾರ್ಥಿಗಳನ್ನು ಅಭಿನಂದಿಸಲಾಯಿತು. ಮಾಜಿ ಕಾರ್ಪೋರೇಟರ್ ಸಿ.ಎನ್.ರಮೇಶ್, ಬ್ರಾಹ್ಮಣ ಸಭಾ ಸಂಚಾಲಕ ಶ್ರೀನಿವಾಸ್, ಗೋಪಾಲಕೃಷ್ಣ, ವೇಣುಗೋಪಾಲ್, ಶಾರದಾ, ರವಿಕುಮಾರ್, ಜಿ.ಕೆ.ಗುಂಡಣ್ಣ, ನಾಗಲಿಂಗ ಶಾಸ್ತ್ರಿ ಸೇರಿದಂತೆ ಹಲವರು ಉಪಸ್ಥಿತರಿದ್ದರು. ಉಮಾ ಅನಂತರಾಮಯ್ಯ ಸ್ವಾಗತಿಸಿ ನಿರೂಪಿಸಿದರು.
